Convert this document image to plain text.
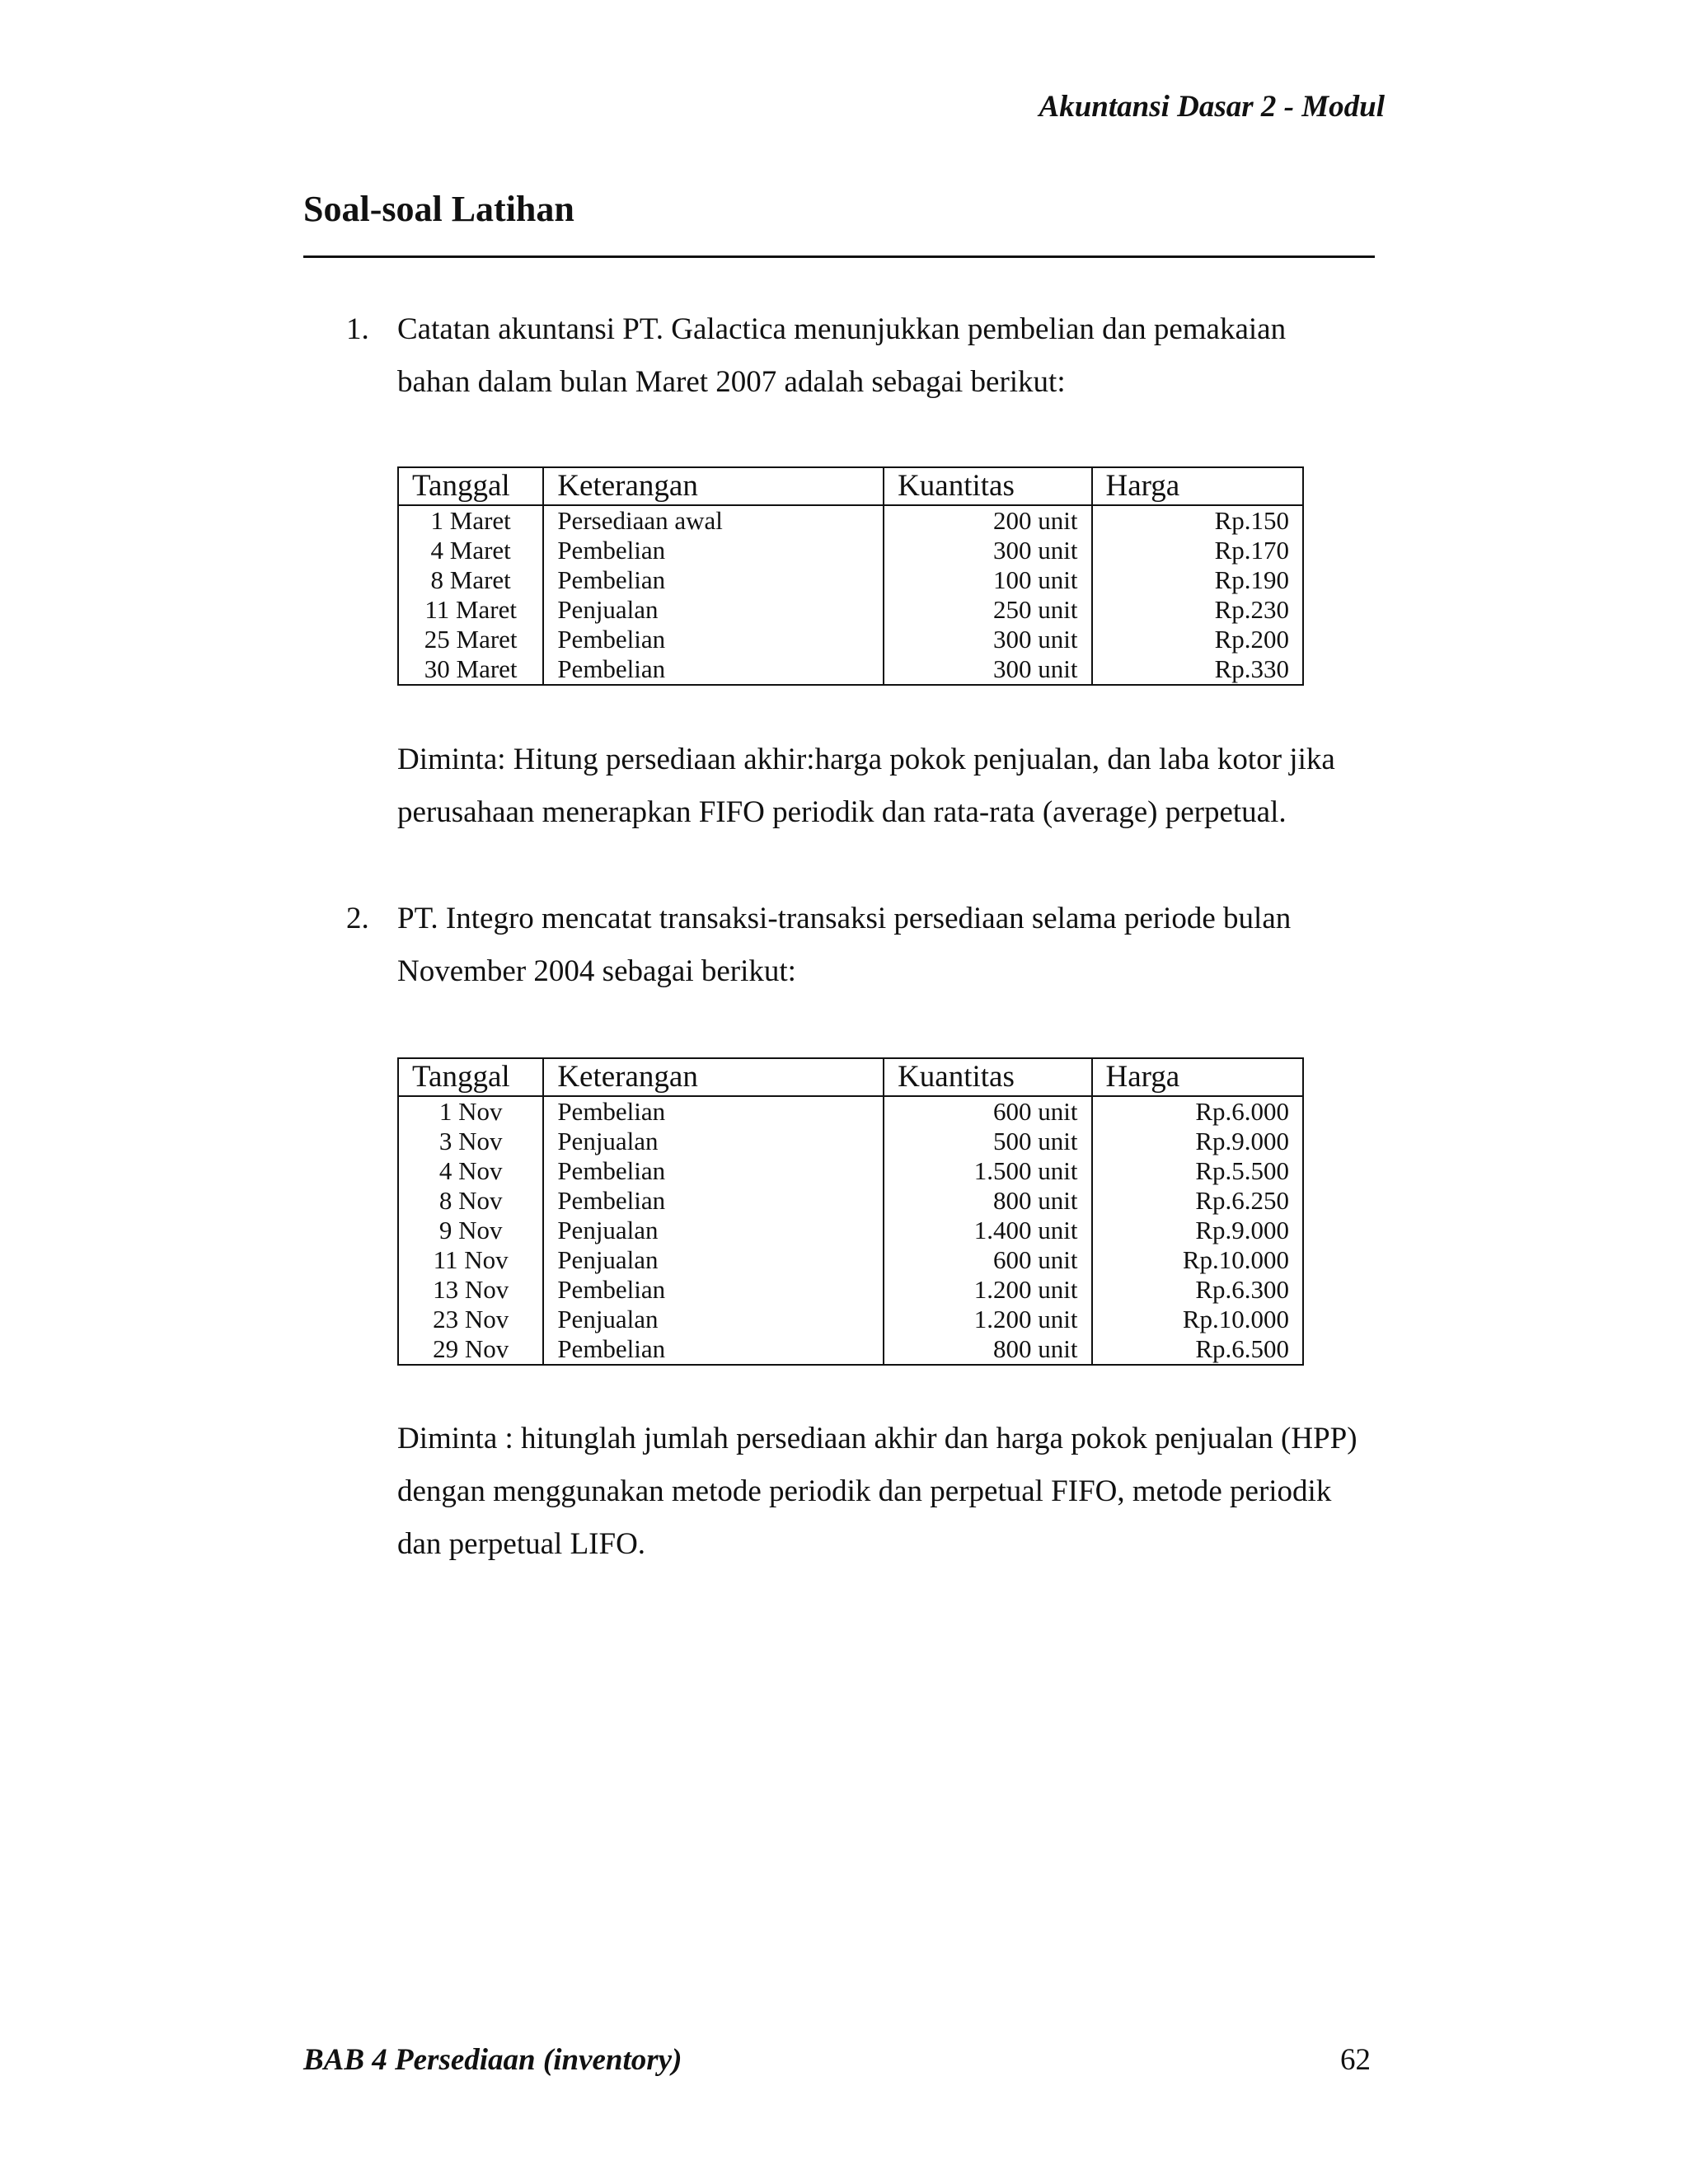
Akuntansi Dasar 2 - Modul
Soal-soal Latihan
1. Catatan akuntansi PT. Galactica menunjukkan pembelian dan pemakaian
bahan dalam bulan Maret 2007 adalah sebagai berikut:
Tanggal	Keterangan	Kuantitas	Harga
1 Maret	Persediaan awal	200 unit	Rp.150
4 Maret	Pembelian	300 unit	Rp.170
8 Maret	Pembelian	100 unit	Rp.190
11 Maret	Penjualan	250 unit	Rp.230
25 Maret	Pembelian	300 unit	Rp.200
30 Maret	Pembelian	300 unit	Rp.330
Diminta: Hitung persediaan akhir:harga pokok penjualan, dan laba kotor jika
perusahaan menerapkan FIFO periodik dan rata-rata (average) perpetual.
2. PT. Integro mencatat transaksi-transaksi persediaan selama periode bulan
November 2004 sebagai berikut:
Tanggal	Keterangan	Kuantitas	Harga
1 Nov	Pembelian	600 unit	Rp.6.000
3 Nov	Penjualan	500 unit	Rp.9.000
4 Nov	Pembelian	1.500 unit	Rp.5.500
8 Nov	Pembelian	800 unit	Rp.6.250
9 Nov	Penjualan	1.400 unit	Rp.9.000
11 Nov	Penjualan	600 unit	Rp.10.000
13 Nov	Pembelian	1.200 unit	Rp.6.300
23 Nov	Penjualan	1.200 unit	Rp.10.000
29 Nov	Pembelian	800 unit	Rp.6.500
Diminta : hitunglah jumlah persediaan akhir dan harga pokok penjualan (HPP)
dengan menggunakan metode periodik dan perpetual FIFO, metode periodik
dan perpetual LIFO.
BAB 4 Persediaan (inventory)	62
